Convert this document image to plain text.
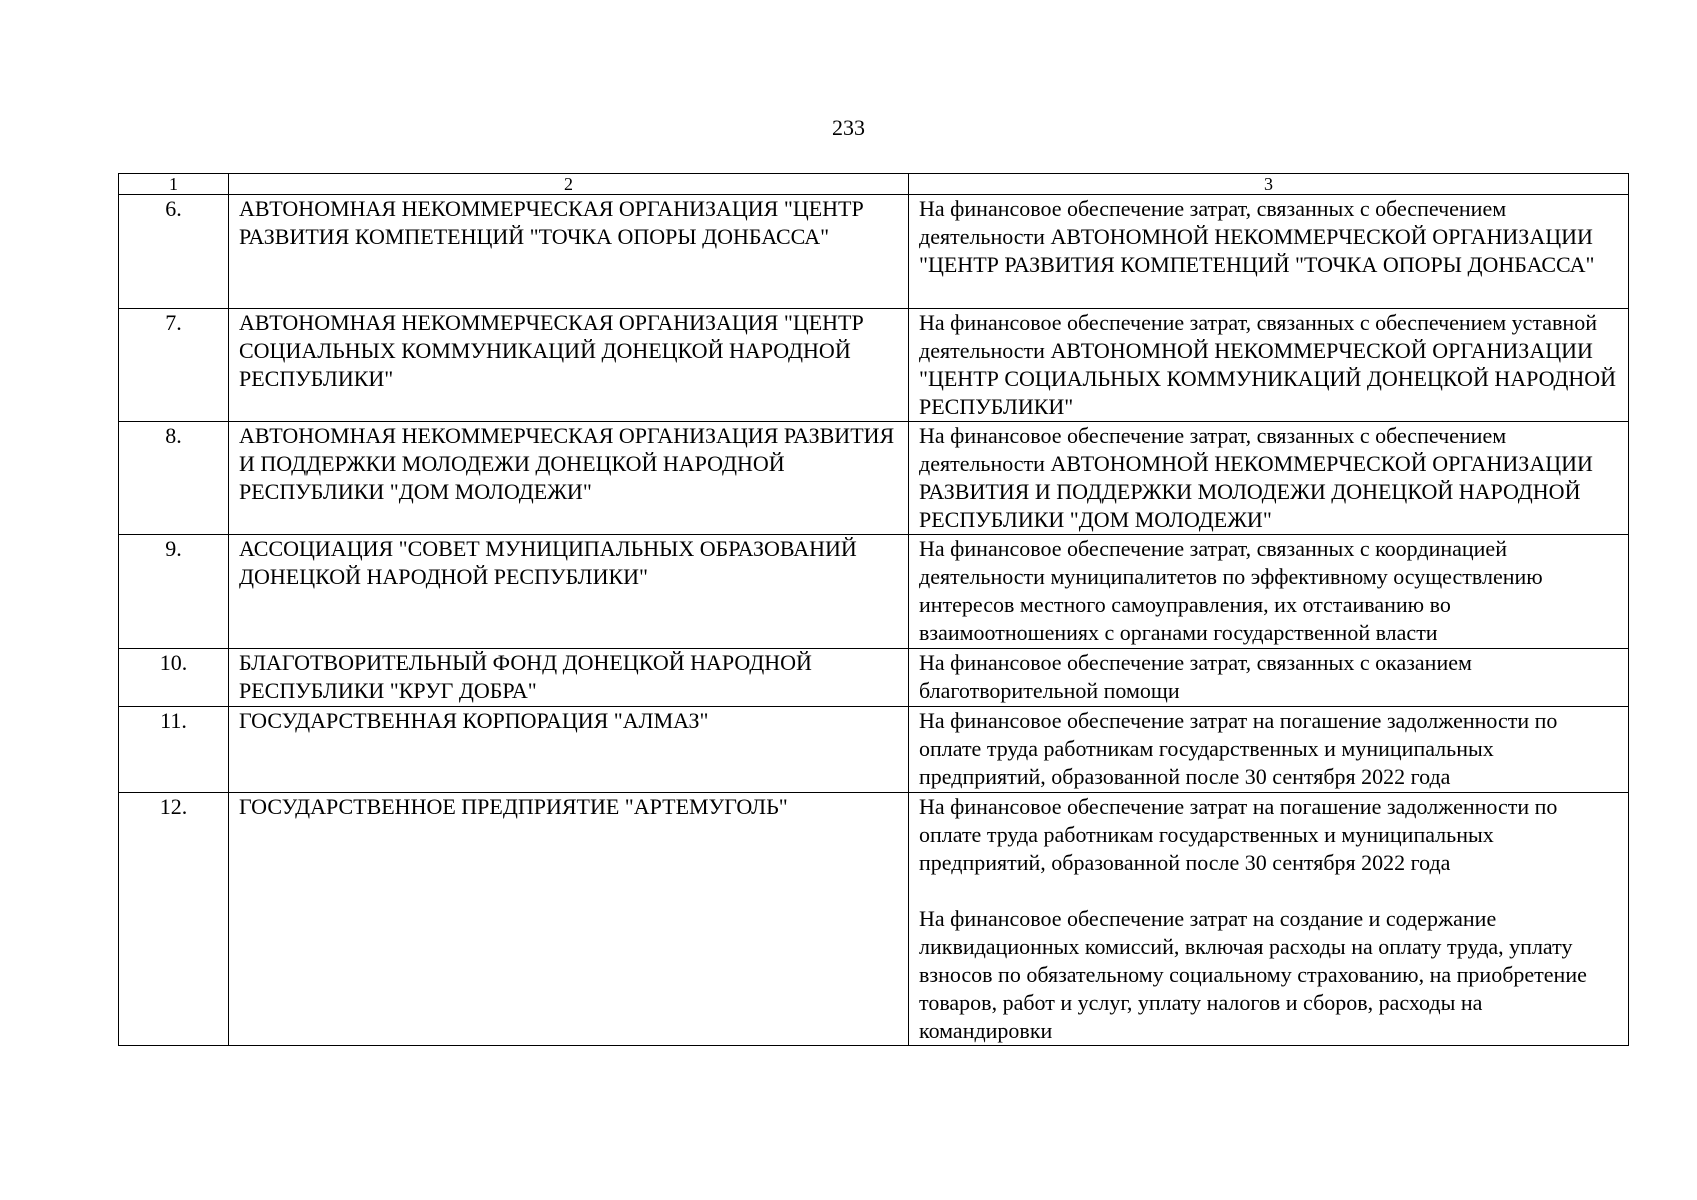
233
1	2	3
6.	АВТОНОМНАЯ НЕКОММЕРЧЕСКАЯ ОРГАНИЗАЦИЯ "ЦЕНТР РАЗВИТИЯ КОМПЕТЕНЦИЙ "ТОЧКА ОПОРЫ ДОНБАССА"	На финансовое обеспечение затрат, связанных с обеспечением деятельности АВТОНОМНОЙ НЕКОММЕРЧЕСКОЙ ОРГАНИЗАЦИИ "ЦЕНТР РАЗВИТИЯ КОМПЕТЕНЦИЙ "ТОЧКА ОПОРЫ ДОНБАССА"

7.	АВТОНОМНАЯ НЕКОММЕРЧЕСКАЯ ОРГАНИЗАЦИЯ "ЦЕНТР СОЦИАЛЬНЫХ КОММУНИКАЦИЙ ДОНЕЦКОЙ НАРОДНОЙ РЕСПУБЛИКИ"	На финансовое обеспечение затрат, связанных с обеспечением уставной деятельности АВТОНОМНОЙ НЕКОММЕРЧЕСКОЙ ОРГАНИЗАЦИИ "ЦЕНТР СОЦИАЛЬНЫХ КОММУНИКАЦИЙ ДОНЕЦКОЙ НАРОДНОЙ РЕСПУБЛИКИ"

8.	АВТОНОМНАЯ НЕКОММЕРЧЕСКАЯ ОРГАНИЗАЦИЯ РАЗВИТИЯ И ПОДДЕРЖКИ МОЛОДЕЖИ ДОНЕЦКОЙ НАРОДНОЙ РЕСПУБЛИКИ "ДОМ МОЛОДЕЖИ"	На финансовое обеспечение затрат, связанных с обеспечением деятельности АВТОНОМНОЙ НЕКОММЕРЧЕСКОЙ ОРГАНИЗАЦИИ РАЗВИТИЯ И ПОДДЕРЖКИ МОЛОДЕЖИ ДОНЕЦКОЙ НАРОДНОЙ РЕСПУБЛИКИ "ДОМ МОЛОДЕЖИ"

9.	АССОЦИАЦИЯ "СОВЕТ МУНИЦИПАЛЬНЫХ ОБРАЗОВАНИЙ ДОНЕЦКОЙ НАРОДНОЙ РЕСПУБЛИКИ"	На финансовое обеспечение затрат, связанных с координацией деятельности муниципалитетов по эффективному осуществлению интересов местного самоуправления, их отстаиванию во взаимоотношениях с органами государственной власти

10.	БЛАГОТВОРИТЕЛЬНЫЙ ФОНД ДОНЕЦКОЙ НАРОДНОЙ РЕСПУБЛИКИ "КРУГ ДОБРА"	На финансовое обеспечение затрат, связанных с оказанием благотворительной помощи

11.	ГОСУДАРСТВЕННАЯ КОРПОРАЦИЯ "АЛМАЗ"	На финансовое обеспечение затрат на погашение задолженности по оплате труда работникам государственных и муниципальных предприятий, образованной после 30 сентября 2022 года

12.	ГОСУДАРСТВЕННОЕ ПРЕДПРИЯТИЕ "АРТЕМУГОЛЬ"	На финансовое обеспечение затрат на погашение задолженности по оплате труда работникам государственных и муниципальных предприятий, образованной после 30 сентября 2022 года
На финансовое обеспечение затрат на создание и содержание ликвидационных комиссий, включая расходы на оплату труда, уплату взносов по обязательному социальному страхованию, на приобретение товаров, работ и услуг, уплату налогов и сборов, расходы на командировки
